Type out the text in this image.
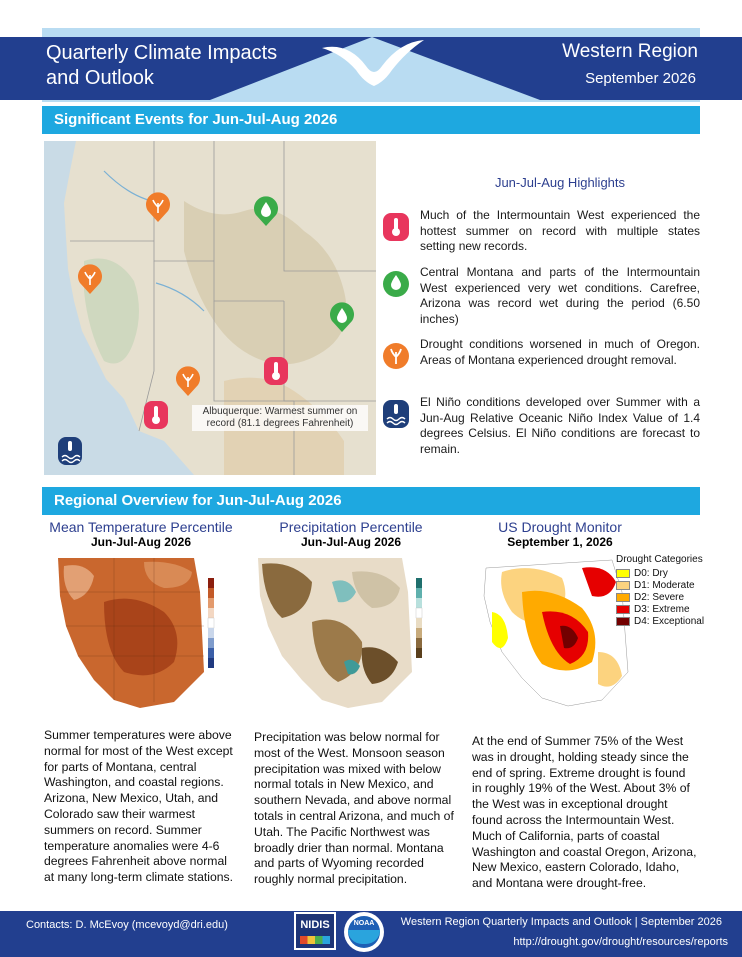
Quarterly Climate Impacts
and Outlook
Western Region
September 2026
Significant Events for Jun-Jul-Aug 2026
Albuquerque: Warmest summer on record (81.1 degrees Fahrenheit)
Jun-Jul-Aug Highlights
Much of the Intermountain West experienced the hottest summer on record with multiple states setting new records.
Central Montana and parts of the Intermountain West experienced very wet conditions. Carefree, Arizona was record wet during the period (6.50 inches)
Drought conditions worsened in much of Oregon. Areas of Montana experienced drought removal.
El Niño conditions developed over Summer with a Jun-Aug Relative Oceanic Niño Index Value of 1.4 degrees Celsius. El Niño conditions are forecast to remain.
Regional Overview for Jun-Jul-Aug 2026
Mean Temperature Percentile
Jun-Jul-Aug 2026
Summer temperatures were above normal for most of the West except for parts of Montana, central Washington, and coastal regions. Arizona, New Mexico, Utah, and Colorado saw their warmest summers on record. Summer temperature anomalies were 4-6 degrees Fahrenheit above normal at many long-term climate stations.
Precipitation Percentile
Jun-Jul-Aug 2026
Precipitation was below normal for most of the West. Monsoon season precipitation was mixed with below normal totals in New Mexico, and southern Nevada, and above normal totals in central Arizona, and much of Utah. The Pacific Northwest was broadly drier than normal. Montana and parts of Wyoming recorded roughly normal precipitation.
US Drought Monitor
September 1, 2026
Drought Categories
D0: Dry
D1: Moderate
D2: Severe
D3: Extreme
D4: Exceptional
At the end of Summer 75% of the West was in drought, holding steady since the end of spring. Extreme drought is found in roughly 19% of the West. About 3% of the West was in exceptional drought found across the Intermountain West. Much of California, parts of coastal Washington and coastal Oregon, Arizona, New Mexico, eastern Colorado, Idaho, and Montana were drought-free.
Contacts: D. McEvoy (mcevoyd@dri.edu)	NIDIS	NOAA	Western Region Quarterly Impacts and Outlook | September 2026
http://drought.gov/drought/resources/reports
